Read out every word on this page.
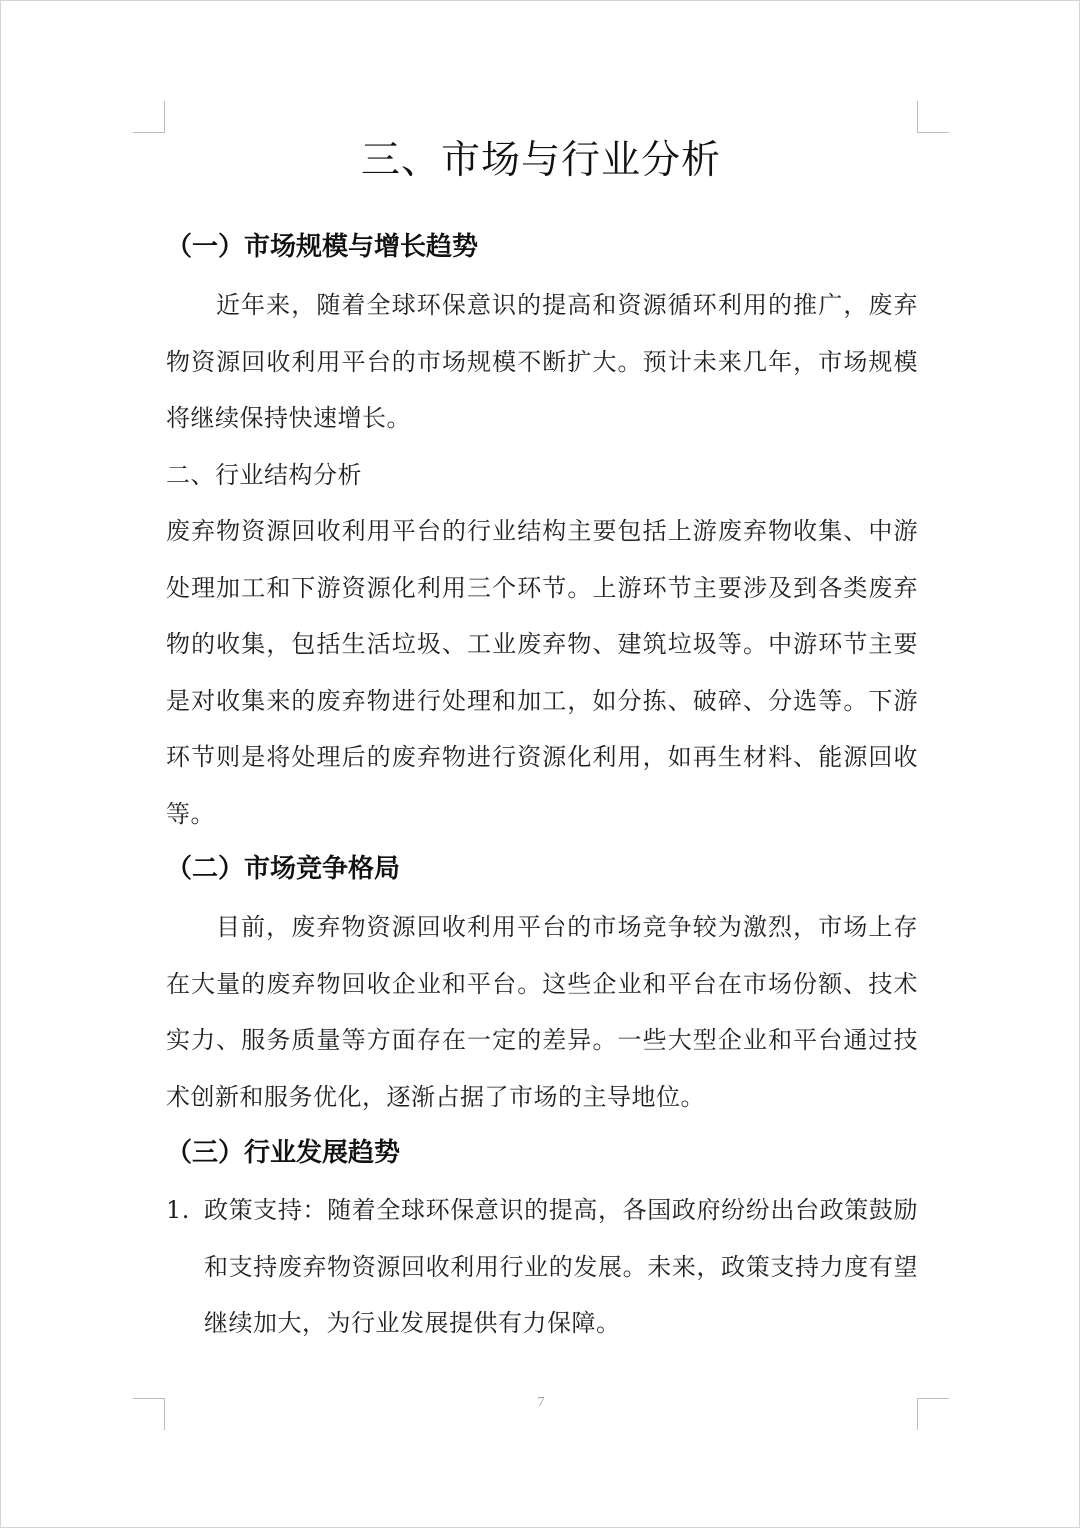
三、市场与行业分析
（一）市场规模与增长趋势
近年来，随着全球环保意识的提高和资源循环利用的推广，废弃物资源回收利用平台的市场规模不断扩大。预计未来几年，市场规模将继续保持快速增长。
二、行业结构分析
废弃物资源回收利用平台的行业结构主要包括上游废弃物收集、中游处理加工和下游资源化利用三个环节。上游环节主要涉及到各类废弃物的收集，包括生活垃圾、工业废弃物、建筑垃圾等。中游环节主要是对收集来的废弃物进行处理和加工，如分拣、破碎、分选等。下游环节则是将处理后的废弃物进行资源化利用，如再生材料、能源回收等。
（二）市场竞争格局
目前，废弃物资源回收利用平台的市场竞争较为激烈，市场上存在大量的废弃物回收企业和平台。这些企业和平台在市场份额、技术实力、服务质量等方面存在一定的差异。一些大型企业和平台通过技术创新和服务优化，逐渐占据了市场的主导地位。
（三）行业发展趋势
1. 政策支持：随着全球环保意识的提高，各国政府纷纷出台政策鼓励和支持废弃物资源回收利用行业的发展。未来，政策支持力度有望继续加大，为行业发展提供有力保障。
7
